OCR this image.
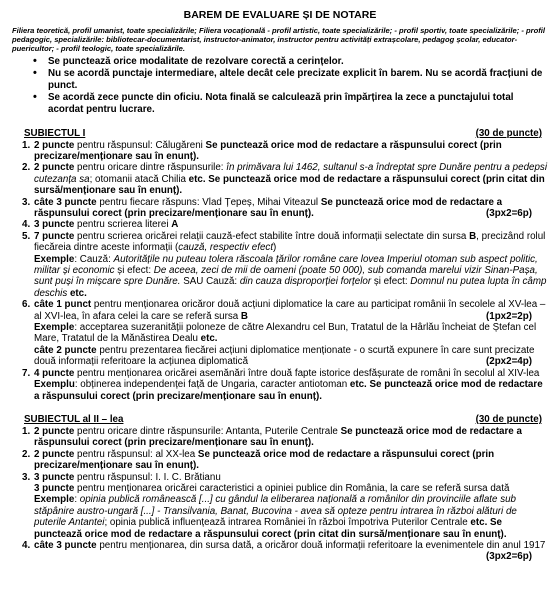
BAREM DE EVALUARE ȘI DE NOTARE
Filiera teoretică, profil umanist, toate specializările; Filiera vocațională - profil artistic, toate specializările; - profil sportiv, toate specializările; - profil pedagogic, specializările: bibliotecar-documentarist, instructor-animator, instructor pentru activități extrașcolare, pedagog școlar, educator-puericultor; - profil teologic, toate specializările.
• Se punctează orice modalitate de rezolvare corectă a cerințelor.
• Nu se acordă punctaje intermediare, altele decât cele precizate explicit în barem. Nu se acordă fracțiuni de punct.
• Se acordă zece puncte din oficiu. Nota finală se calculează prin împărțirea la zece a punctajului total acordat pentru lucrare.
SUBIECTUL I	(30 de puncte)
1. 2 puncte pentru răspunsul: Călugăreni Se punctează orice mod de redactare a răspunsului corect (prin precizare/menționare sau în enunț).
2. 2 puncte pentru oricare dintre răspunsurile: în primăvara lui 1462, sultanul s-a îndreptat spre Dunăre pentru a pedepsi cutezanța sa; otomanii atacă Chilia etc. Se punctează orice mod de redactare a răspunsului corect (prin citat din sursă/menționare sau în enunț).
3. câte 3 puncte pentru fiecare răspuns: Vlad Țepeș, Mihai Viteazul Se punctează orice mod de redactare a răspunsului corect (prin precizare/menționare sau în enunț).	(3px2=6p)
4. 3 puncte pentru scrierea literei A
5. 7 puncte pentru scrierea oricărei relații cauză-efect stabilite între două informații selectate din sursa B, precizând rolul fiecăreia dintre aceste informații (cauză, respectiv efect)
Exemple: Cauză: Autoritățile nu puteau tolera răscoala țărilor române care lovea Imperiul otoman sub aspect politic, militar și economic și efect: De aceea, zeci de mii de oameni (poate 50 000), sub comanda marelui vizir Sinan-Pașa, sunt puși în mișcare spre Dunăre. SAU Cauză: din cauza disproporției forțelor și efect: Domnul nu putea lupta în câmp deschis etc.
6. câte 1 punct pentru menționarea oricăror două acțiuni diplomatice la care au participat românii în secolele al XV-lea – al XVI-lea, în afara celei la care se referă sursa B	(1px2=2p)
Exemple: acceptarea suzeranității poloneze de către Alexandru cel Bun, Tratatul de la Hârlău încheiat de Ștefan cel Mare, Tratatul de la Mănăstirea Dealu etc.
câte 2 puncte pentru prezentarea fiecărei acțiuni diplomatice menționate - o scurtă expunere în care sunt precizate două informații referitoare la acțiunea diplomatică	(2px2=4p)
7. 4 puncte pentru menționarea oricărei asemănări între două fapte istorice desfășurate de români în secolul al XIV-lea Exemplu: obținerea independenței față de Ungaria, caracter antiotoman etc. Se punctează orice mod de redactare a răspunsului corect (prin precizare/menționare sau în enunț).
SUBIECTUL al II – lea	(30 de puncte)
1. 2 puncte pentru oricare dintre răspunsurile: Antanta, Puterile Centrale Se punctează orice mod de redactare a răspunsului corect (prin precizare/menționare sau în enunț).
2. 2 puncte pentru răspunsul: al XX-lea Se punctează orice mod de redactare a răspunsului corect (prin precizare/menționare sau în enunț).
3. 3 puncte pentru răspunsul: I. I. C. Brătianu
3 puncte pentru menționarea oricărei caracteristici a opiniei publice din România, la care se referă sursa dată Exemple: opinia publică românească [...] cu gândul la eliberarea națională a românilor din provinciile aflate sub stăpânire austro-ungară [...] - Transilvania, Banat, Bucovina - avea să opteze pentru intrarea în război alături de puterile Antantei; opinia publică influențează intrarea României în război împotriva Puterilor Centrale etc. Se punctează orice mod de redactare a răspunsului corect (prin citat din sursă/menționare sau în enunț).
4. câte 3 puncte pentru menționarea, din sursa dată, a oricăror două informații referitoare la evenimentele din anul 1917
(3px2=6p)
